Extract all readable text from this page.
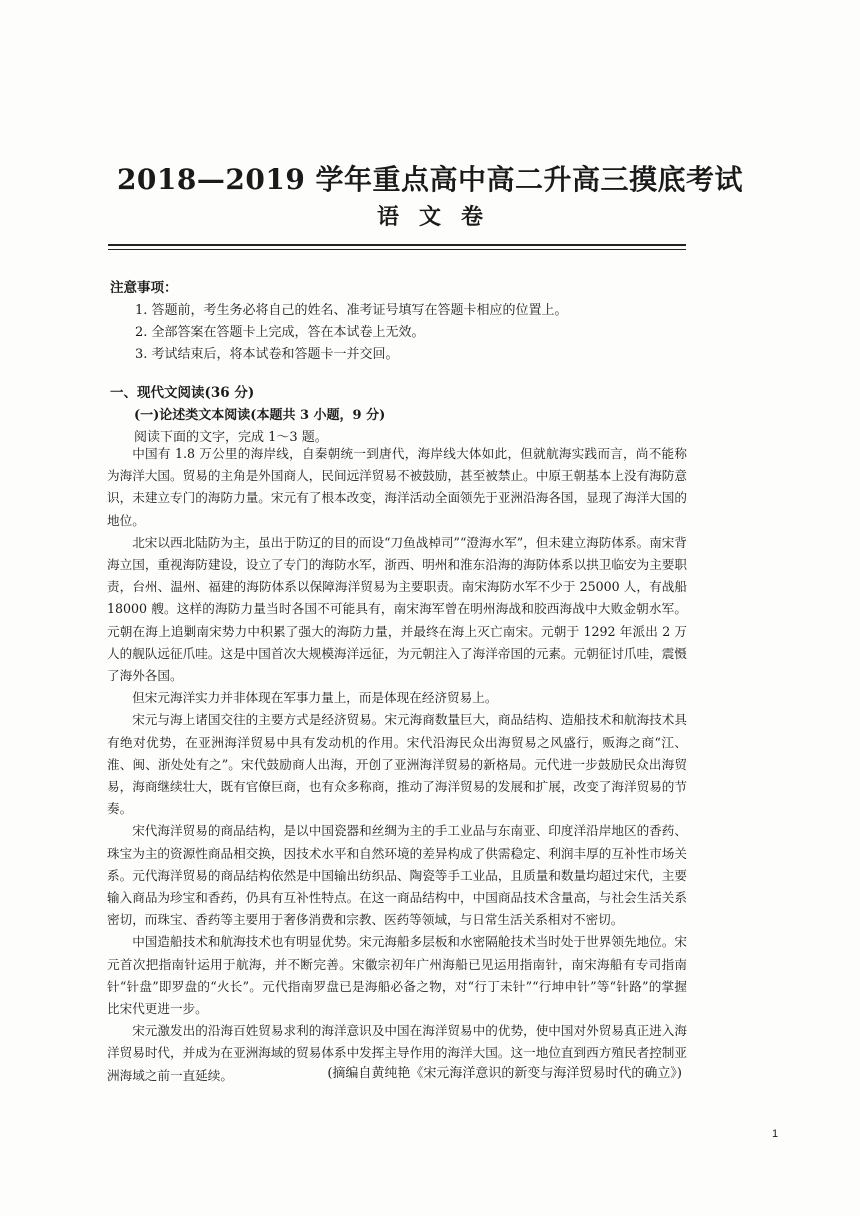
2018—2019 学年重点高中高二升高三摸底考试
语文卷
注意事项：
1. 答题前，考生务必将自己的姓名、准考证号填写在答题卡相应的位置上。
2. 全部答案在答题卡上完成，答在本试卷上无效。
3. 考试结束后，将本试卷和答题卡一并交回。
一、现代文阅读(36 分)
(一)论述类文本阅读(本题共 3 小题，9 分)
阅读下面的文字，完成 1～3 题。

中国有 1.8 万公里的海岸线，自秦朝统一到唐代，海岸线大体如此，但就航海实践而言，尚不能称为海洋大国。贸易的主角是外国商人，民间远洋贸易不被鼓励，甚至被禁止。中原王朝基本上没有海防意识，未建立专门的海防力量。宋元有了根本改变，海洋活动全面领先于亚洲沿海各国，显现了海洋大国的地位。

北宋以西北陆防为主，虽出于防辽的目的而设“刀鱼战棹司”“澄海水军”，但未建立海防体系。南宋背海立国，重视海防建设，设立了专门的海防水军，浙西、明州和淮东沿海的海防体系以拱卫临安为主要职责，台州、温州、福建的海防体系以保障海洋贸易为主要职责。南宋海防水军不少于 25000 人，有战船 18000 艘。这样的海防力量当时各国不可能具有，南宋海军曾在明州海战和胶西海战中大败金朝水军。元朝在海上追剿南宋势力中积累了强大的海防力量，并最终在海上灭亡南宋。元朝于 1292 年派出 2 万人的舰队远征爪哇。这是中国首次大规模海洋远征，为元朝注入了海洋帝国的元素。元朝征讨爪哇，震慑了海外各国。

但宋元海洋实力并非体现在军事力量上，而是体现在经济贸易上。

宋元与海上诸国交往的主要方式是经济贸易。宋元海商数量巨大，商品结构、造船技术和航海技术具有绝对优势，在亚洲海洋贸易中具有发动机的作用。宋代沿海民众出海贸易之风盛行，贩海之商“江、淮、闽、浙处处有之”。宋代鼓励商人出海，开创了亚洲海洋贸易的新格局。元代进一步鼓励民众出海贸易，海商继续壮大，既有官僚巨商，也有众多称商，推动了海洋贸易的发展和扩展，改变了海洋贸易的节奏。

宋代海洋贸易的商品结构，是以中国瓷器和丝绸为主的手工业品与东南亚、印度洋沿岸地区的香药、珠宝为主的资源性商品相交换，因技术水平和自然环境的差异构成了供需稳定、利润丰厚的互补性市场关系。元代海洋贸易的商品结构依然是中国输出纺织品、陶瓷等手工业品，且质量和数量均超过宋代，主要输入商品为珍宝和香药，仍具有互补性特点。在这一商品结构中，中国商品技术含量高，与社会生活关系密切，而珠宝、香药等主要用于奢侈消费和宗教、医药等领域，与日常生活关系相对不密切。

中国造船技术和航海技术也有明显优势。宋元海船多层板和水密隔舱技术当时处于世界领先地位。宋元首次把指南针运用于航海，并不断完善。宋徽宗初年广州海船已见运用指南针，南宋海船有专司指南针“针盘”即罗盘的“火长”。元代指南罗盘已是海船必备之物，对“行丁未针”“行坤申针”等“针路”的掌握比宋代更进一步。

宋元激发出的沿海百姓贸易求利的海洋意识及中国在海洋贸易中的优势，使中国对外贸易真正进入海洋贸易时代，并成为在亚洲海域的贸易体系中发挥主导作用的海洋大国。这一地位直到西方殖民者控制亚洲海域之前一直延续。	(摘编自黄纯艳《宋元海洋意识的新变与海洋贸易时代的确立》)
1
